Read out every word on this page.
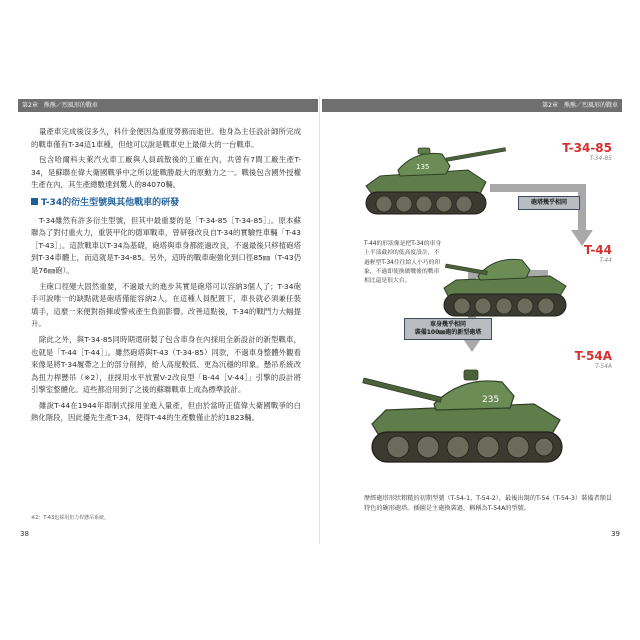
第2章　熊熊／烈風形的戰車

量產車完成後沒多久，科什金便因為重度勞務而逝世。他身為主任設計師所完成的戰車僅有T-34這1車種，但他可以說是戰車史上最偉大的一台戰車。

包含哈爾科夫萊汽火車工廠與人員疏散後的工廠在內，共曾有7間工廠生產T-34，是蘇聯在偉大衛國戰爭中之所以能戰勝最大的原動力之一。戰後包含國外授權生產在內，其生產總數達到驚人的84070輛。

T-34的衍生型號與其他戰車的研發

T-34雖然有許多衍生型號，但其中最重要的是「T-34-85［T-34-85］」。原本蘇聯為了對付重火力，重裝甲化的德軍戰車，曾研發改良自T-34的實驗性車輛「T-43［T-43］」。這款戰車以T-34為基礎，砲塔與車身都經過改良，不過最後只移植砲塔到T-34車體上，而這就是T-34-85。另外，這時的戰車砲強化到口徑85㎜（T-43仍是76㎜砲）。

主砲口徑變大固然重要，不過最大的進步其實是砲塔可以容納3個人了；T-34砲手可說唯一的缺點就是砲塔僅能容納2人，在這種人員配置下，車長就必須兼任裝填手，這麼一來便對指揮或警戒產生負面影響。改善這點後，T-34的戰鬥力大幅提升。

除此之外，與T-34-85同時期還研製了包含車身在內採用全新設計的新型戰車，也就是「T-44［T-44］」。雖然砲塔與T-43（T-34-85）同款，不過車身整體外觀看來像是將T-34履帶之上的部分削掉，給人高度較低、更為沉穩的印象。懸吊系統改為扭力桿懸吊（※2），並採用水平放置V-2改良型「B-44［V-44］」引擎的設計將引擎室整體化。這些都沿用到了之後的蘇聯戰車上成為標準設計。

雖說T-44在1944年即制式採用並進入量產，但由於當時正值偉大衛國戰爭的白熱化階段，因此優先生產T-34，使得T-44的生產數僅止於約1823輛。

※2：T-43也採用扭力桿懸吊系統。
38
第2章　熊熊／烈風形的戰車
135
T-34-85
T-34-85
砲塔幾乎相同
T-44
T-44
T-44的形狀像是把T-34的車身上半部截掉的低高度設計，不過輕型T-34往往給人小巧的印象，不過即使換做戰後的戰車相比還是很大台。
車身幾乎相同
裝備100㎜砲的新型砲塔
235
T-54A
T-54A
歷經砲塔形狀粗糙的初期型號（T-54-1、T-54-2），最後出現的T-54（T-54-3）裝備者額員特色的碗形砲塔。插圖是主砲換裝過，稱稱為T-54A的型號。
39
